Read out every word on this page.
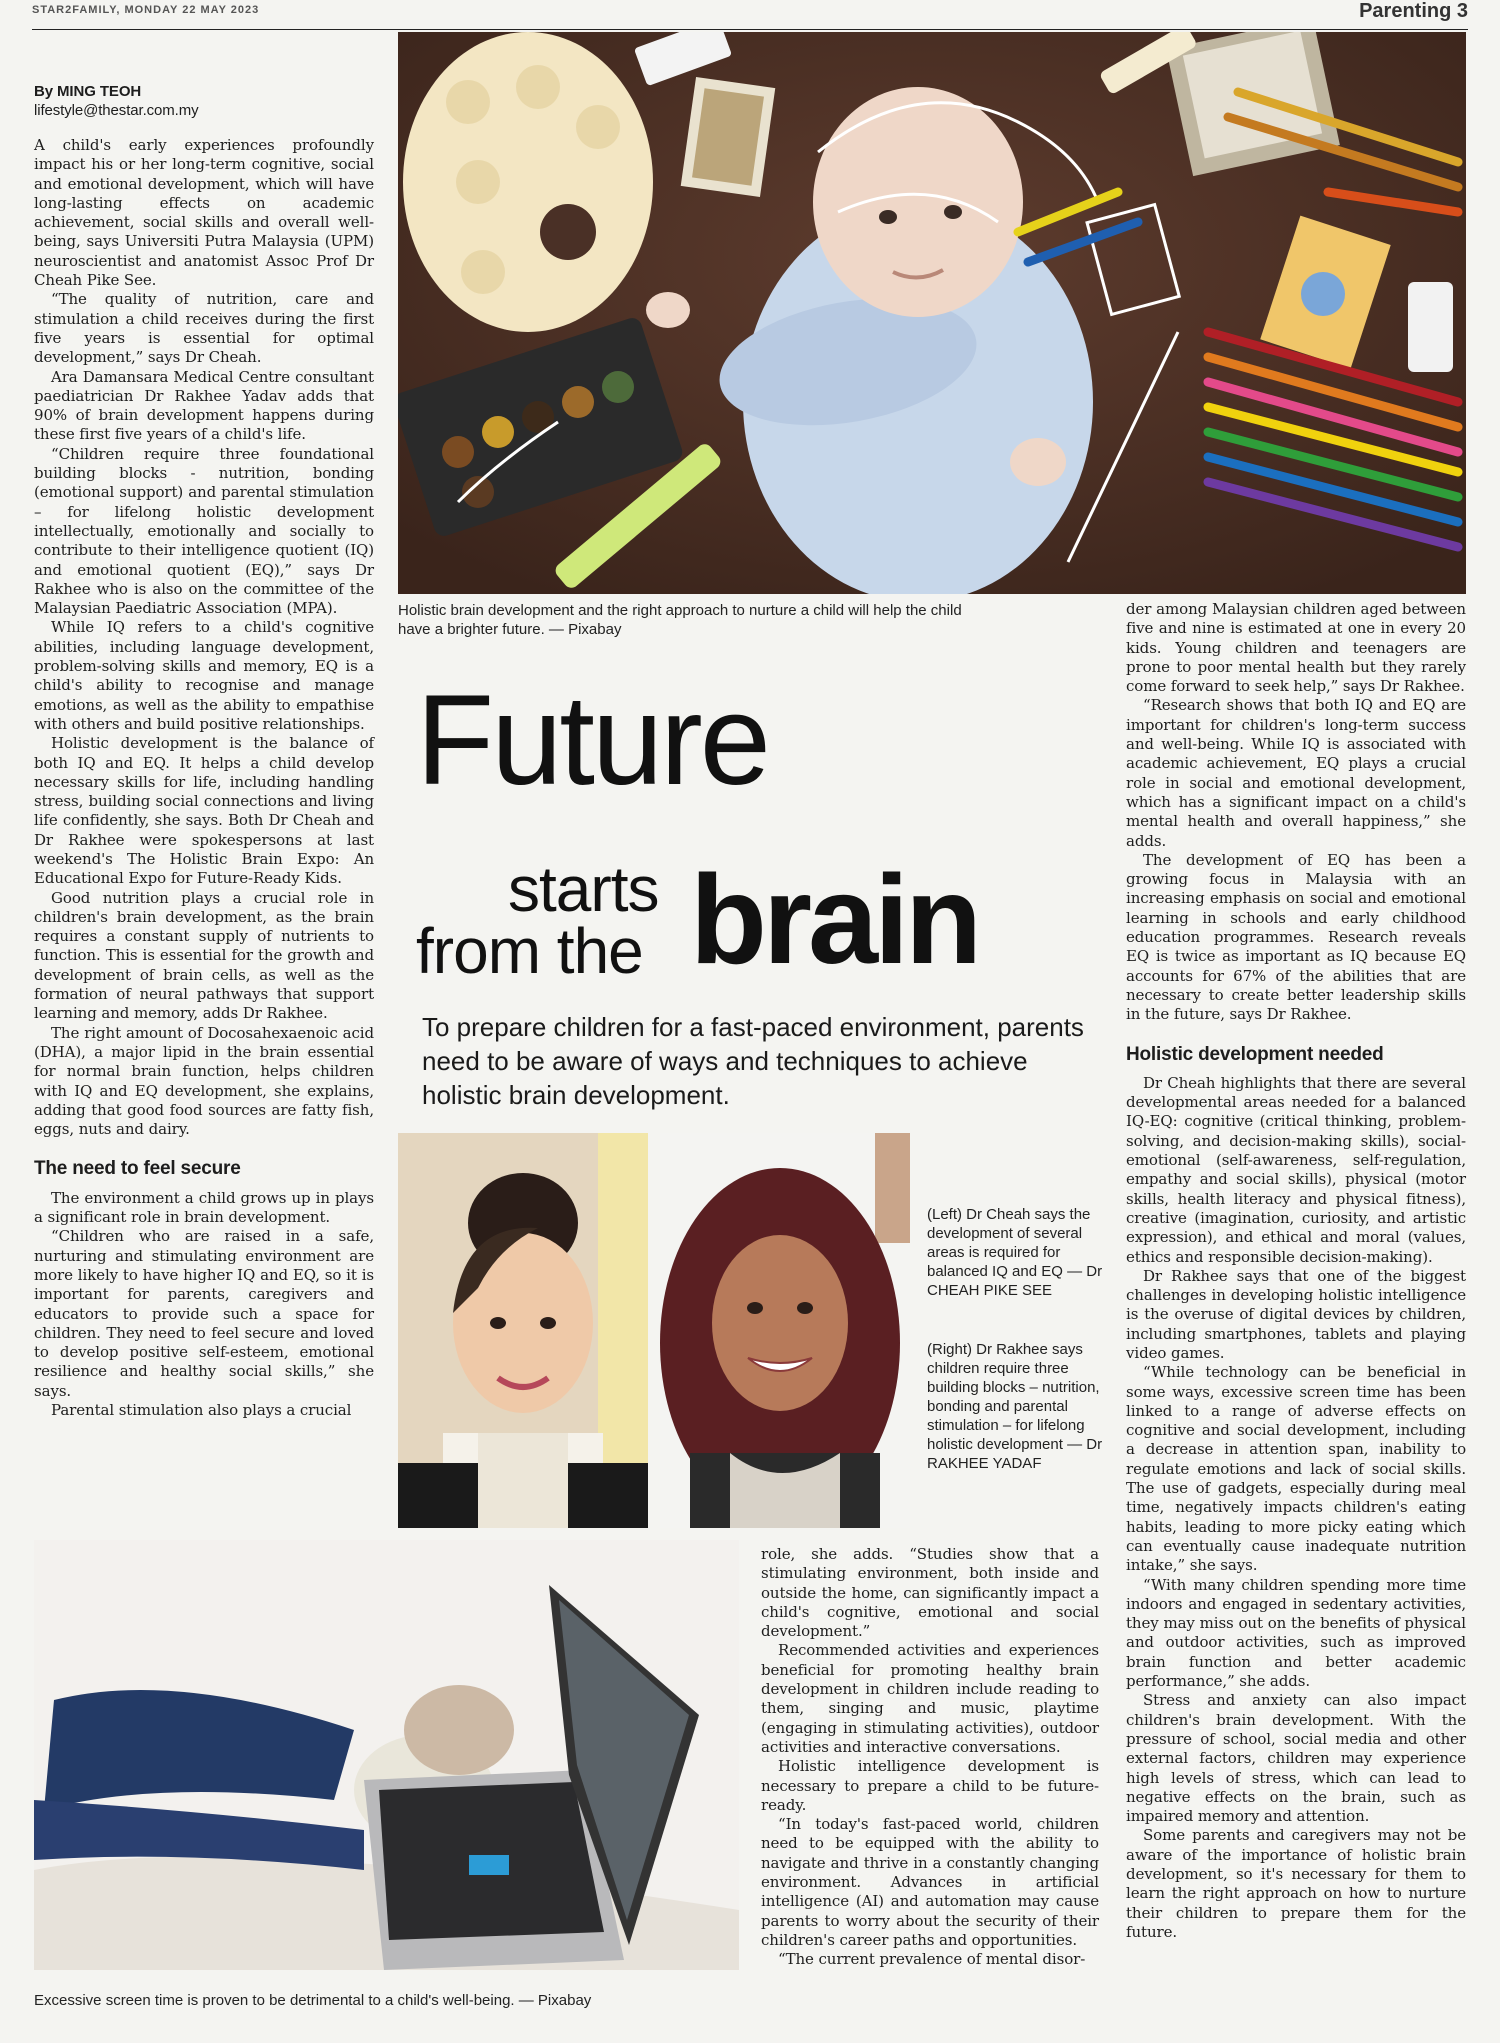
STAR2FAMILY, MONDAY 22 MAY 2023	Parenting 3
By MING TEOH
lifestyle@thestar.com.my

A child's early experiences profoundly impact his or her long-term cognitive, social and emotional development, which will have long-lasting effects on academic achievement, social skills and overall well-being, says Universiti Putra Malaysia (UPM) neuroscientist and anatomist Assoc Prof Dr Cheah Pike See.

“The quality of nutrition, care and stimulation a child receives during the first five years is essential for optimal development,” says Dr Cheah.

Ara Damansara Medical Centre consultant paediatrician Dr Rakhee Yadav adds that 90% of brain development happens during these first five years of a child's life.

“Children require three foundational building blocks - nutrition, bonding (emotional support) and parental stimulation – for lifelong holistic development intellectually, emotionally and socially to contribute to their intelligence quotient (IQ) and emotional quotient (EQ),” says Dr Rakhee who is also on the committee of the Malaysian Paediatric Association (MPA).

While IQ refers to a child's cognitive abilities, including language development, problem-solving skills and memory, EQ is a child's ability to recognise and manage emotions, as well as the ability to empathise with others and build positive relationships.

Holistic development is the balance of both IQ and EQ. It helps a child develop necessary skills for life, including handling stress, building social connections and living life confidently, she says. Both Dr Cheah and Dr Rakhee were spokespersons at last weekend's The Holistic Brain Expo: An Educational Expo for Future-Ready Kids.

Good nutrition plays a crucial role in children's brain development, as the brain requires a constant supply of nutrients to function. This is essential for the growth and development of brain cells, as well as the formation of neural pathways that support learning and memory, adds Dr Rakhee.

The right amount of Docosahexaenoic acid (DHA), a major lipid in the brain essential for normal brain function, helps children with IQ and EQ development, she explains, adding that good food sources are fatty fish, eggs, nuts and dairy.

The need to feel secure

The environment a child grows up in plays a significant role in brain development.

“Children who are raised in a safe, nurturing and stimulating environment are more likely to have higher IQ and EQ, so it is important for parents, caregivers and educators to provide such a space for children. They need to feel secure and loved to develop positive self-esteem, emotional resilience and healthy social skills,” she says.

Parental stimulation also plays a crucial

Holistic brain development and the right approach to nurture a child will help the child have a brighter future. — Pixabay
Future
starts
from the brain
To prepare children for a fast-paced environment, parents need to be aware of ways and techniques to achieve holistic brain development.
(Left) Dr Cheah says the development of several areas is required for balanced IQ and EQ — Dr CHEAH PIKE SEE
(Right) Dr Rakhee says children require three building blocks – nutrition, bonding and parental stimulation – for lifelong holistic development — Dr RAKHEE YADAF
Excessive screen time is proven to be detrimental to a child's well-being. — Pixabay

role, she adds. “Studies show that a stimulating environment, both inside and outside the home, can significantly impact a child's cognitive, emotional and social development.”

Recommended activities and experiences beneficial for promoting healthy brain development in children include reading to them, singing and music, playtime (engaging in stimulating activities), outdoor activities and interactive conversations.

Holistic intelligence development is necessary to prepare a child to be future-ready.

“In today's fast-paced world, children need to be equipped with the ability to navigate and thrive in a constantly changing environment. Advances in artificial intelligence (AI) and automation may cause parents to worry about the security of their children's career paths and opportunities.

“The current prevalence of mental disor-

der among Malaysian children aged between five and nine is estimated at one in every 20 kids. Young children and teenagers are prone to poor mental health but they rarely come forward to seek help,” says Dr Rakhee.

“Research shows that both IQ and EQ are important for children's long-term success and well-being. While IQ is associated with academic achievement, EQ plays a crucial role in social and emotional development, which has a significant impact on a child's mental health and overall happiness,” she adds.

The development of EQ has been a growing focus in Malaysia with an increasing emphasis on social and emotional learning in schools and early childhood education programmes. Research reveals EQ is twice as important as IQ because EQ accounts for 67% of the abilities that are necessary to create better leadership skills in the future, says Dr Rakhee.

Holistic development needed

Dr Cheah highlights that there are several developmental areas needed for a balanced IQ-EQ: cognitive (critical thinking, problem-solving, and decision-making skills), social-emotional (self-awareness, self-regulation, empathy and social skills), physical (motor skills, health literacy and physical fitness), creative (imagination, curiosity, and artistic expression), and ethical and moral (values, ethics and responsible decision-making).

Dr Rakhee says that one of the biggest challenges in developing holistic intelligence is the overuse of digital devices by children, including smartphones, tablets and playing video games.

“While technology can be beneficial in some ways, excessive screen time has been linked to a range of adverse effects on cognitive and social development, including a decrease in attention span, inability to regulate emotions and lack of social skills. The use of gadgets, especially during meal time, negatively impacts children's eating habits, leading to more picky eating which can eventually cause inadequate nutrition intake,” she says.

“With many children spending more time indoors and engaged in sedentary activities, they may miss out on the benefits of physical and outdoor activities, such as improved brain function and better academic performance,” she adds.

Stress and anxiety can also impact children's brain development. With the pressure of school, social media and other external factors, children may experience high levels of stress, which can lead to negative effects on the brain, such as impaired memory and attention.

Some parents and caregivers may not be aware of the importance of holistic brain development, so it's necessary for them to learn the right approach on how to nurture their children to prepare them for the future.
